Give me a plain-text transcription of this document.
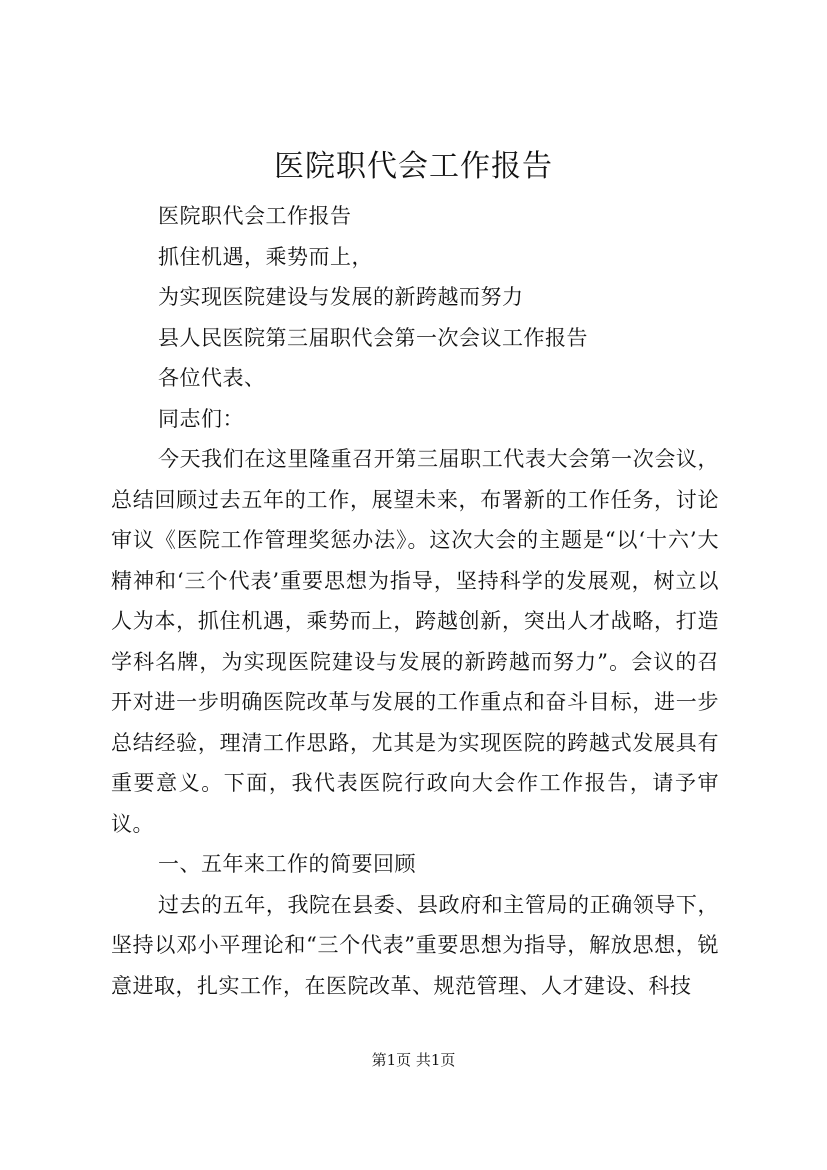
医院职代会工作报告

医院职代会工作报告

抓住机遇，乘势而上，

为实现医院建设与发展的新跨越而努力

县人民医院第三届职代会第一次会议工作报告

各位代表、

同志们：

今天我们在这里隆重召开第三届职工代表大会第一次会议，总结回顾过去五年的工作，展望未来，布署新的工作任务，讨论审议《医院工作管理奖惩办法》。这次大会的主题是“以‘十六’大精神和‘三个代表’重要思想为指导，坚持科学的发展观，树立以人为本，抓住机遇，乘势而上，跨越创新，突出人才战略，打造学科名牌，为实现医院建设与发展的新跨越而努力”。会议的召开对进一步明确医院改革与发展的工作重点和奋斗目标，进一步总结经验，理清工作思路，尤其是为实现医院的跨越式发展具有重要意义。下面，我代表医院行政向大会作工作报告，请予审议。

一、五年来工作的简要回顾

过去的五年，我院在县委、县政府和主管局的正确领导下，坚持以邓小平理论和“三个代表”重要思想为指导，解放思想，锐意进取，扎实工作，在医院改革、规范管理、人才建设、科技

第1页 共1页
